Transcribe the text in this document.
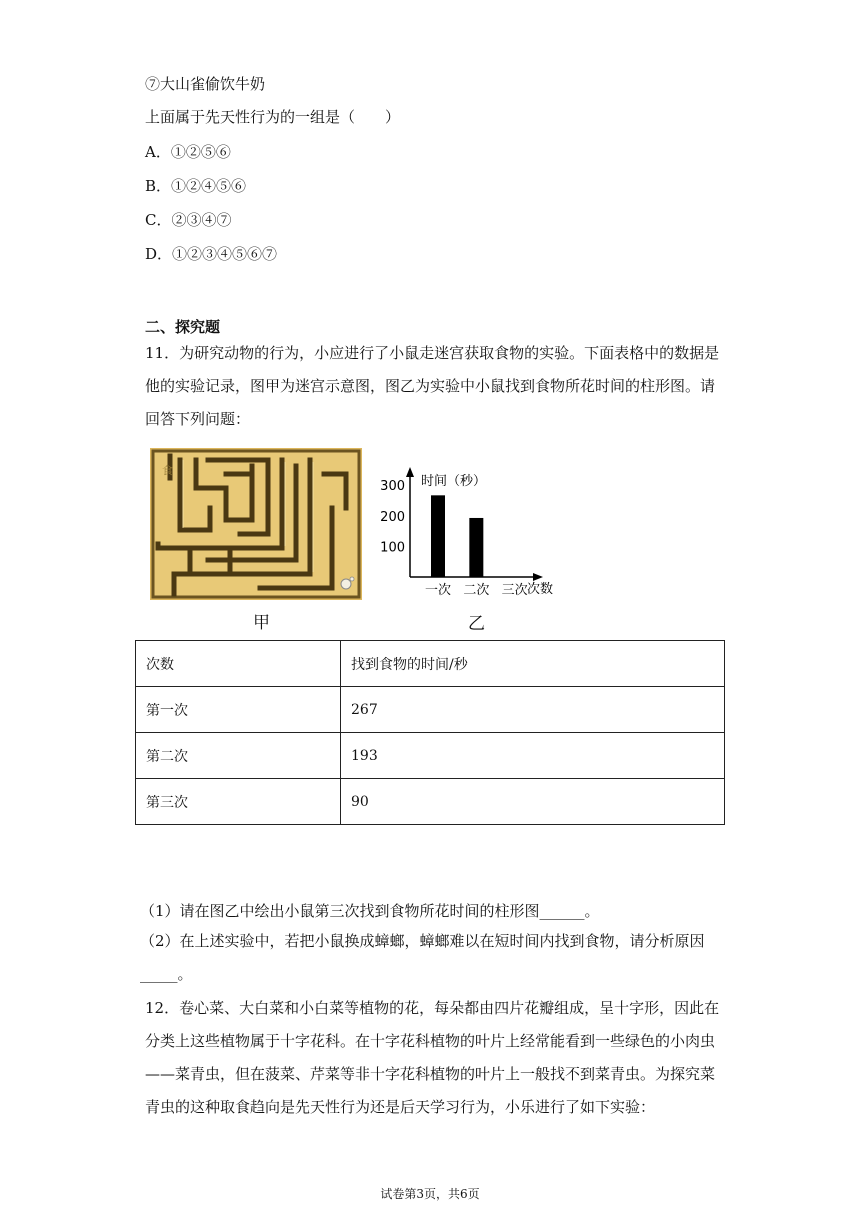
⑦大山雀偷饮牛奶
上面属于先天性行为的一组是（　　）
A．①②⑤⑥
B．①②④⑤⑥
C．②③④⑦
D．①②③④⑤⑥⑦
二、探究题
11．为研究动物的行为，小应进行了小鼠走迷宫获取食物的实验。下面表格中的数据是
他的实验记录，图甲为迷宫示意图，图乙为实验中小鼠找到食物所花时间的柱形图。请
回答下列问题：
食
甲
时间（秒）
次数
100
200
300
一次 二次 三次
乙
次数	找到食物的时间/秒
第一次	267
第二次	193
第三次	90
（1）请在图乙中绘出小鼠第三次找到食物所花时间的柱形图______。
（2）在上述实验中，若把小鼠换成蟑螂，蟑螂难以在短时间内找到食物，请分析原因
_____。
12．卷心菜、大白菜和小白菜等植物的花，每朵都由四片花瓣组成，呈十字形，因此在
分类上这些植物属于十字花科。在十字花科植物的叶片上经常能看到一些绿色的小肉虫
——菜青虫，但在菠菜、芹菜等非十字花科植物的叶片上一般找不到菜青虫。为探究菜
青虫的这种取食趋向是先天性行为还是后天学习行为，小乐进行了如下实验：
试卷第3页，共6页
